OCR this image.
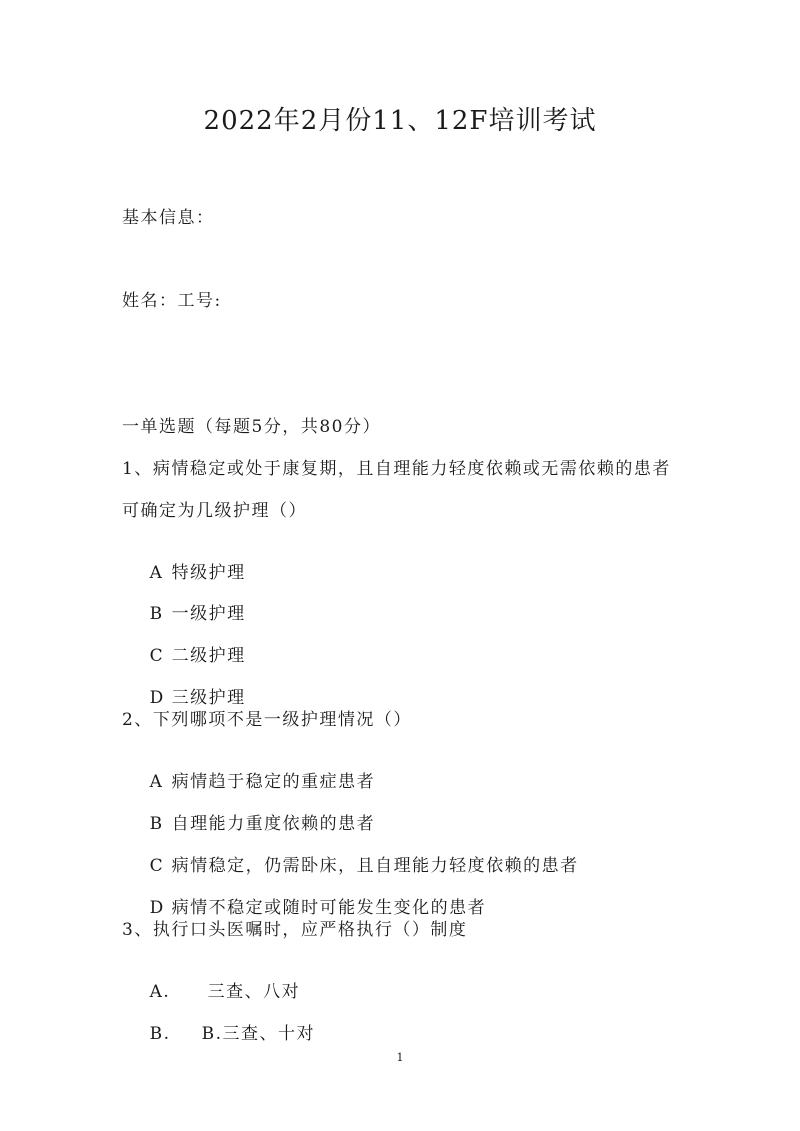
2022年2月份11、12F培训考试
基本信息：
姓名：工号:
一单选题（每题5分，共80分）
1、病情稳定或处于康复期，且自理能力轻度依赖或无需依赖的患者
可确定为几级护理（）

A 特级护理

B 一级护理

C 二级护理

D 三级护理

2、下列哪项不是一级护理情况（）

A 病情趋于稳定的重症患者

B 自理能力重度依赖的患者

C 病情稳定，仍需卧床，且自理能力轻度依赖的患者

D 病情不稳定或随时可能发生变化的患者

3、执行口头医嘱时，应严格执行（）制度

A. 三查、八对

B. B.三查、十对

1
